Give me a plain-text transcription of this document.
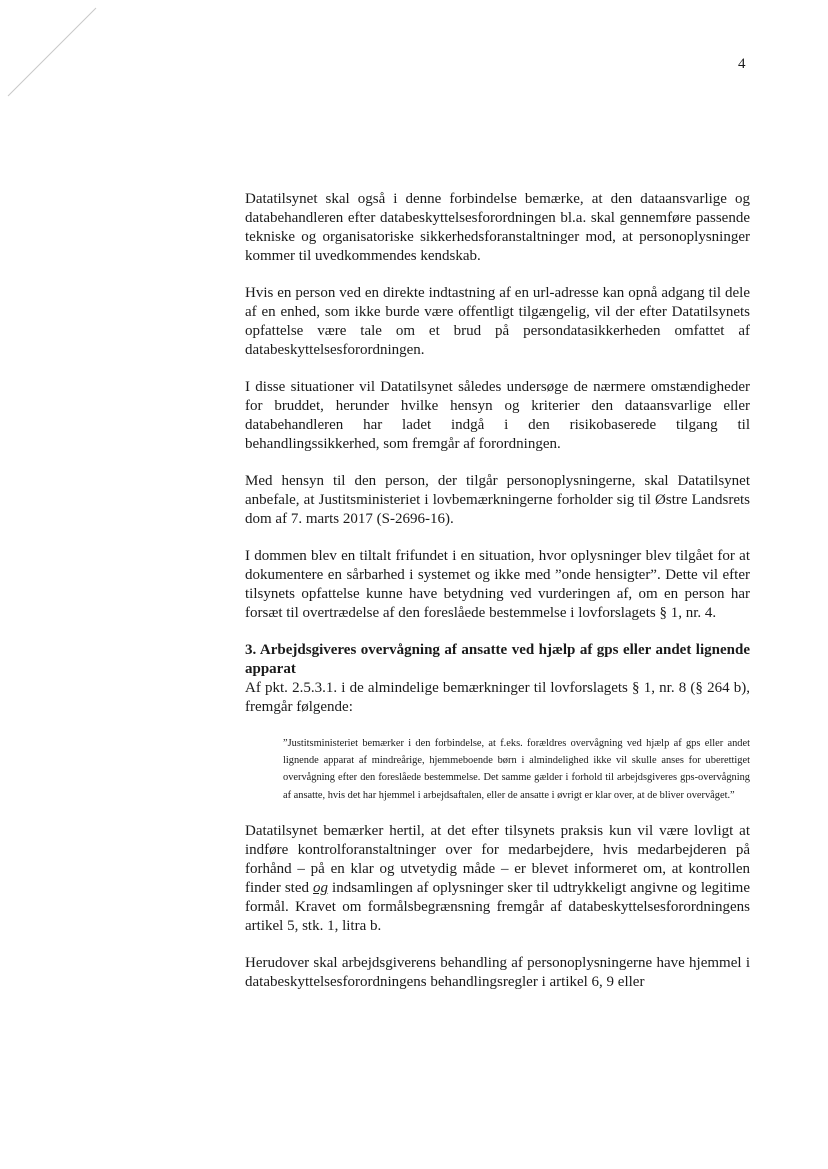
4

Datatilsynet skal også i denne forbindelse bemærke, at den dataansvarlige og databehandleren efter databeskyttelsesforordningen bl.a. skal gennemføre passende tekniske og organisatoriske sikkerhedsforanstaltninger mod, at personoplysninger kommer til uvedkommendes kendskab.

Hvis en person ved en direkte indtastning af en url-adresse kan opnå adgang til dele af en enhed, som ikke burde være offentligt tilgængelig, vil der efter Datatilsynets opfattelse være tale om et brud på persondatasikkerheden omfattet af databeskyttelsesforordningen.

I disse situationer vil Datatilsynet således undersøge de nærmere omstændigheder for bruddet, herunder hvilke hensyn og kriterier den dataansvarlige eller databehandleren har ladet indgå i den risikobaserede tilgang til behandlingssikkerhed, som fremgår af forordningen.

Med hensyn til den person, der tilgår personoplysningerne, skal Datatilsynet anbefale, at Justitsministeriet i lovbemærkningerne forholder sig til Østre Landsrets dom af 7. marts 2017 (S-2696-16).

I dommen blev en tiltalt frifundet i en situation, hvor oplysninger blev tilgået for at dokumentere en sårbarhed i systemet og ikke med ”onde hensigter”. Dette vil efter tilsynets opfattelse kunne have betydning ved vurderingen af, om en person har forsæt til overtrædelse af den foreslåede bestemmelse i lovforslagets § 1, nr. 4.

3. Arbejdsgiveres overvågning af ansatte ved hjælp af gps eller andet lignende apparat

Af pkt. 2.5.3.1. i de almindelige bemærkninger til lovforslagets § 1, nr. 8 (§ 264 b), fremgår følgende:

”Justitsministeriet bemærker i den forbindelse, at f.eks. forældres overvågning ved hjælp af gps eller andet lignende apparat af mindreårige, hjemmeboende børn i almindelighed ikke vil skulle anses for uberettiget overvågning efter den foreslåede bestemmelse. Det samme gælder i forhold til arbejdsgiveres gps-overvågning af ansatte, hvis det har hjemmel i arbejdsaftalen, eller de ansatte i øvrigt er klar over, at de bliver overvåget.”

Datatilsynet bemærker hertil, at det efter tilsynets praksis kun vil være lovligt at indføre kontrolforanstaltninger over for medarbejdere, hvis medarbejderen på forhånd – på en klar og utvetydig måde – er blevet informeret om, at kontrollen finder sted og indsamlingen af oplysninger sker til udtrykkeligt angivne og legitime formål. Kravet om formålsbegrænsning fremgår af databeskyttelsesforordningens artikel 5, stk. 1, litra b.

Herudover skal arbejdsgiverens behandling af personoplysningerne have hjemmel i databeskyttelsesforordningens behandlingsregler i artikel 6, 9 eller
